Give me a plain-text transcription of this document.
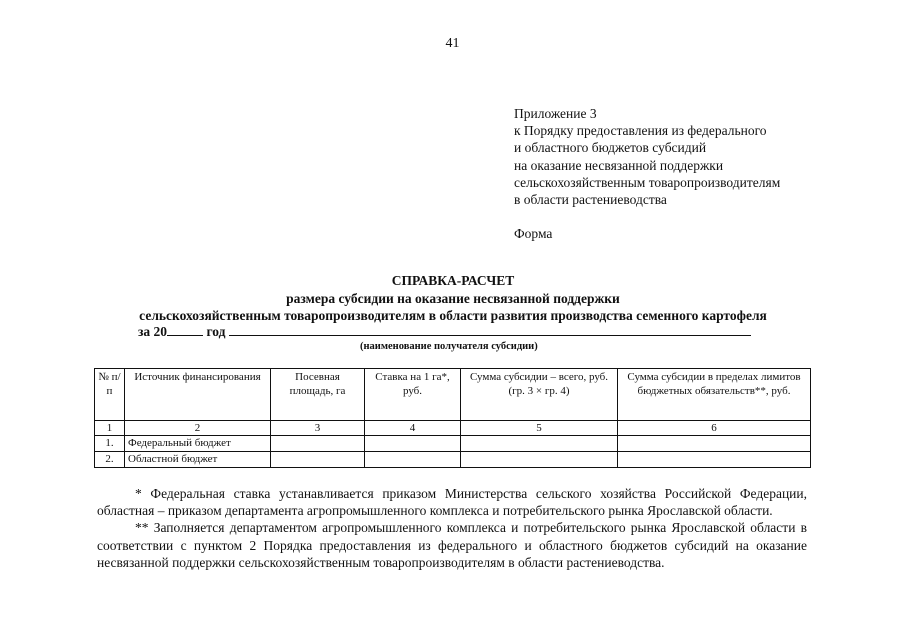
41
Приложение 3
к Порядку предоставления из федерального
и областного бюджетов субсидий
на оказание несвязанной поддержки
сельскохозяйственным товаропроизводителям
в области растениеводства
Форма
СПРАВКА-РАСЧЕТ
размера субсидии на оказание несвязанной поддержки
сельскохозяйственным товаропроизводителям в области развития производства семенного картофеля
за 20	год
(наименование получателя субсидии)
№ п/п	Источник финансирования	Посевная площадь, га	Ставка на 1 га*, руб.	Сумма субсидии – всего, руб. (гр. 3 × гр. 4)	Сумма субсидии в пределах лимитов бюджетных обязательств**, руб.
1	2	3	4	5	6
1.	Федеральный бюджет				
2.	Областной бюджет				

* Федеральная ставка устанавливается приказом Министерства сельского хозяйства Российской Федерации, областная – приказом департамента агропромышленного комплекса и потребительского рынка Ярославской области.

** Заполняется департаментом агропромышленного комплекса и потребительского рынка Ярославской области в соответствии с пунктом 2 Порядка предоставления из федерального и областного бюджетов субсидий на оказание несвязанной поддержки сельскохозяйственным товаропроизводителям в области растениеводства.
